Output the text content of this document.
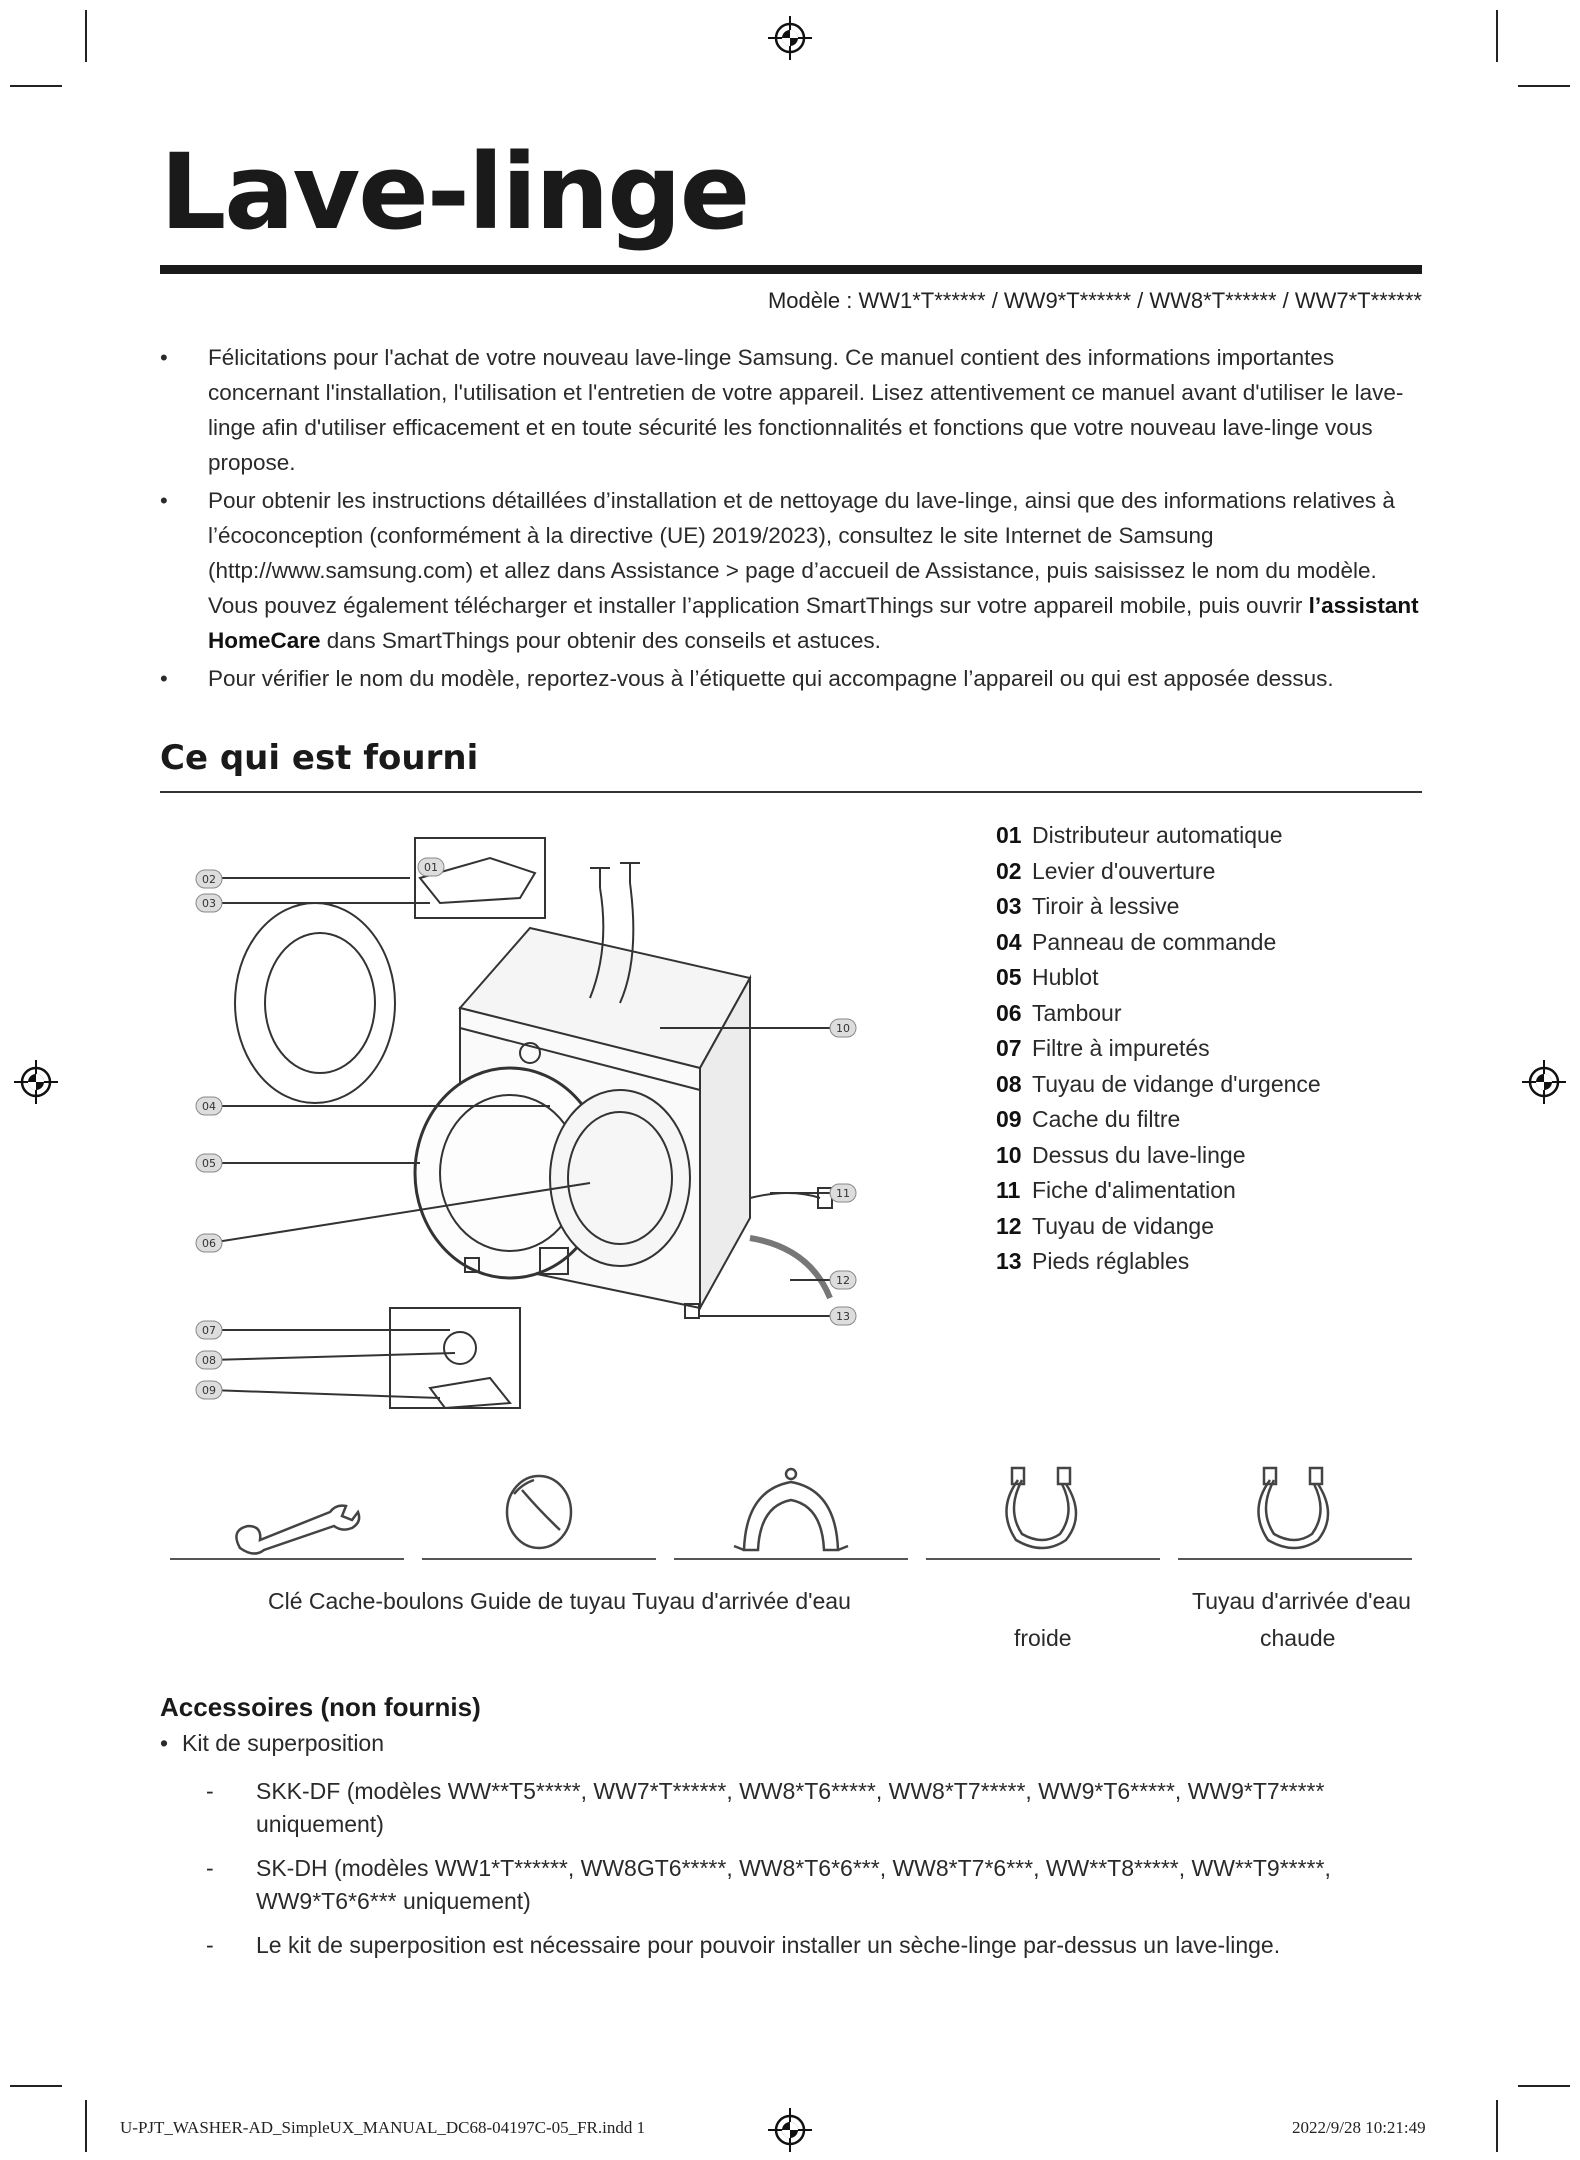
Lave-linge
Modèle : WW1*T****** / WW9*T****** / WW8*T****** / WW7*T******
• Félicitations pour l'achat de votre nouveau lave-linge Samsung. Ce manuel contient des informations importantes concernant l'installation, l'utilisation et l'entretien de votre appareil. Lisez attentivement ce manuel avant d'utiliser le lave-linge afin d'utiliser efficacement et en toute sécurité les fonctionnalités et fonctions que votre nouveau lave-linge vous propose.
• Pour obtenir les instructions détaillées d’installation et de nettoyage du lave-linge, ainsi que des informations relatives à l’écoconception (conformément à la directive (UE) 2019/2023), consultez le site Internet de Samsung (http://www.samsung.com) et allez dans Assistance > page d’accueil de Assistance, puis saisissez le nom du modèle. Vous pouvez également télécharger et installer l’application SmartThings sur votre appareil mobile, puis ouvrir l’assistant HomeCare dans SmartThings pour obtenir des conseils et astuces.
• Pour vérifier le nom du modèle, reportez-vous à l’étiquette qui accompagne l’appareil ou qui est apposée dessus.
Ce qui est fourni
01
02
03
04
05
06
07
08
09
10
11
12
13
01 Distributeur automatique
02 Levier d'ouverture
03 Tiroir à lessive
04 Panneau de commande
05 Hublot
06 Tambour
07 Filtre à impuretés
08 Tuyau de vidange d'urgence
09 Cache du filtre
10 Dessus du lave-linge
11 Fiche d'alimentation
12 Tuyau de vidange
13 Pieds réglables
Clé Cache-boulons Guide de tuyau Tuyau d'arrivée d'eau
froide
Tuyau d'arrivée d'eau
chaude
Accessoires (non fournis)
• Kit de superposition
- SKK-DF (modèles WW**T5*****, WW7*T******, WW8*T6*****, WW8*T7*****, WW9*T6*****, WW9*T7***** uniquement)
- SK-DH (modèles WW1*T******, WW8GT6*****, WW8*T6*6***, WW8*T7*6***, WW**T8*****, WW**T9*****, WW9*T6*6*** uniquement)
- Le kit de superposition est nécessaire pour pouvoir installer un sèche-linge par-dessus un lave-linge.
U-PJT_WASHER-AD_SimpleUX_MANUAL_DC68-04197C-05_FR.indd 1	2022/9/28 10:21:49
